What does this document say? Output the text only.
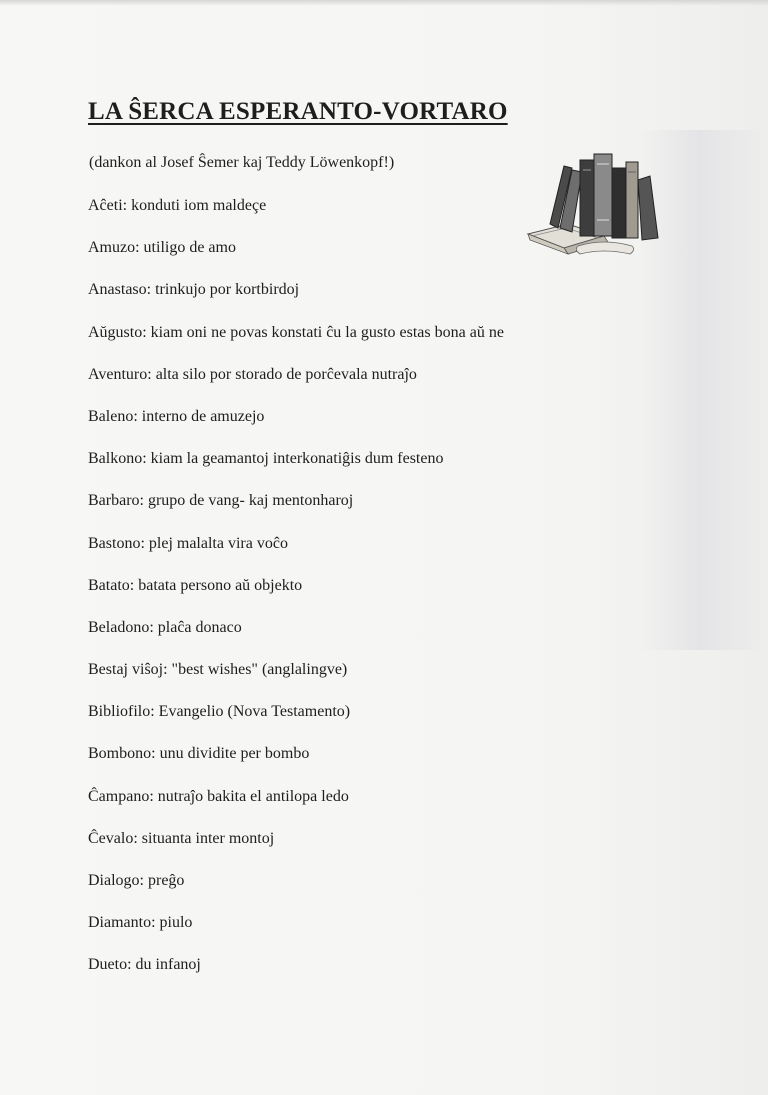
LA ŜERCA ESPERANTO-VORTARO
(dankon al Josef Ŝemer kaj Teddy Löwenkopf!)
Aĉeti: konduti iom maldeçe
Amuzo: utiligo de amo
Anastaso: trinkujo por kortbirdoj
Aŭgusto: kiam oni ne povas konstati ĉu la gusto estas bona aŭ ne
Aventuro: alta silo por storado de porĉevala nutraĵo
Baleno: interno de amuzejo
Balkono: kiam la geamantoj interkonatiĝis dum festeno
Barbaro: grupo de vang- kaj mentonharoj
Bastono: plej malalta vira voĉo
Batato: batata persono aŭ objekto
Beladono: plaĉa donaco
Bestaj viŝoj: "best wishes" (anglalingve)
Bibliofilo: Evangelio (Nova Testamento)
Bombono: unu dividite per bombo
Ĉampano: nutraĵo bakita el antilopa ledo
Ĉevalo: situanta inter montoj
Dialogo: preĝo
Diamanto: piulo
Dueto: du infanoj
